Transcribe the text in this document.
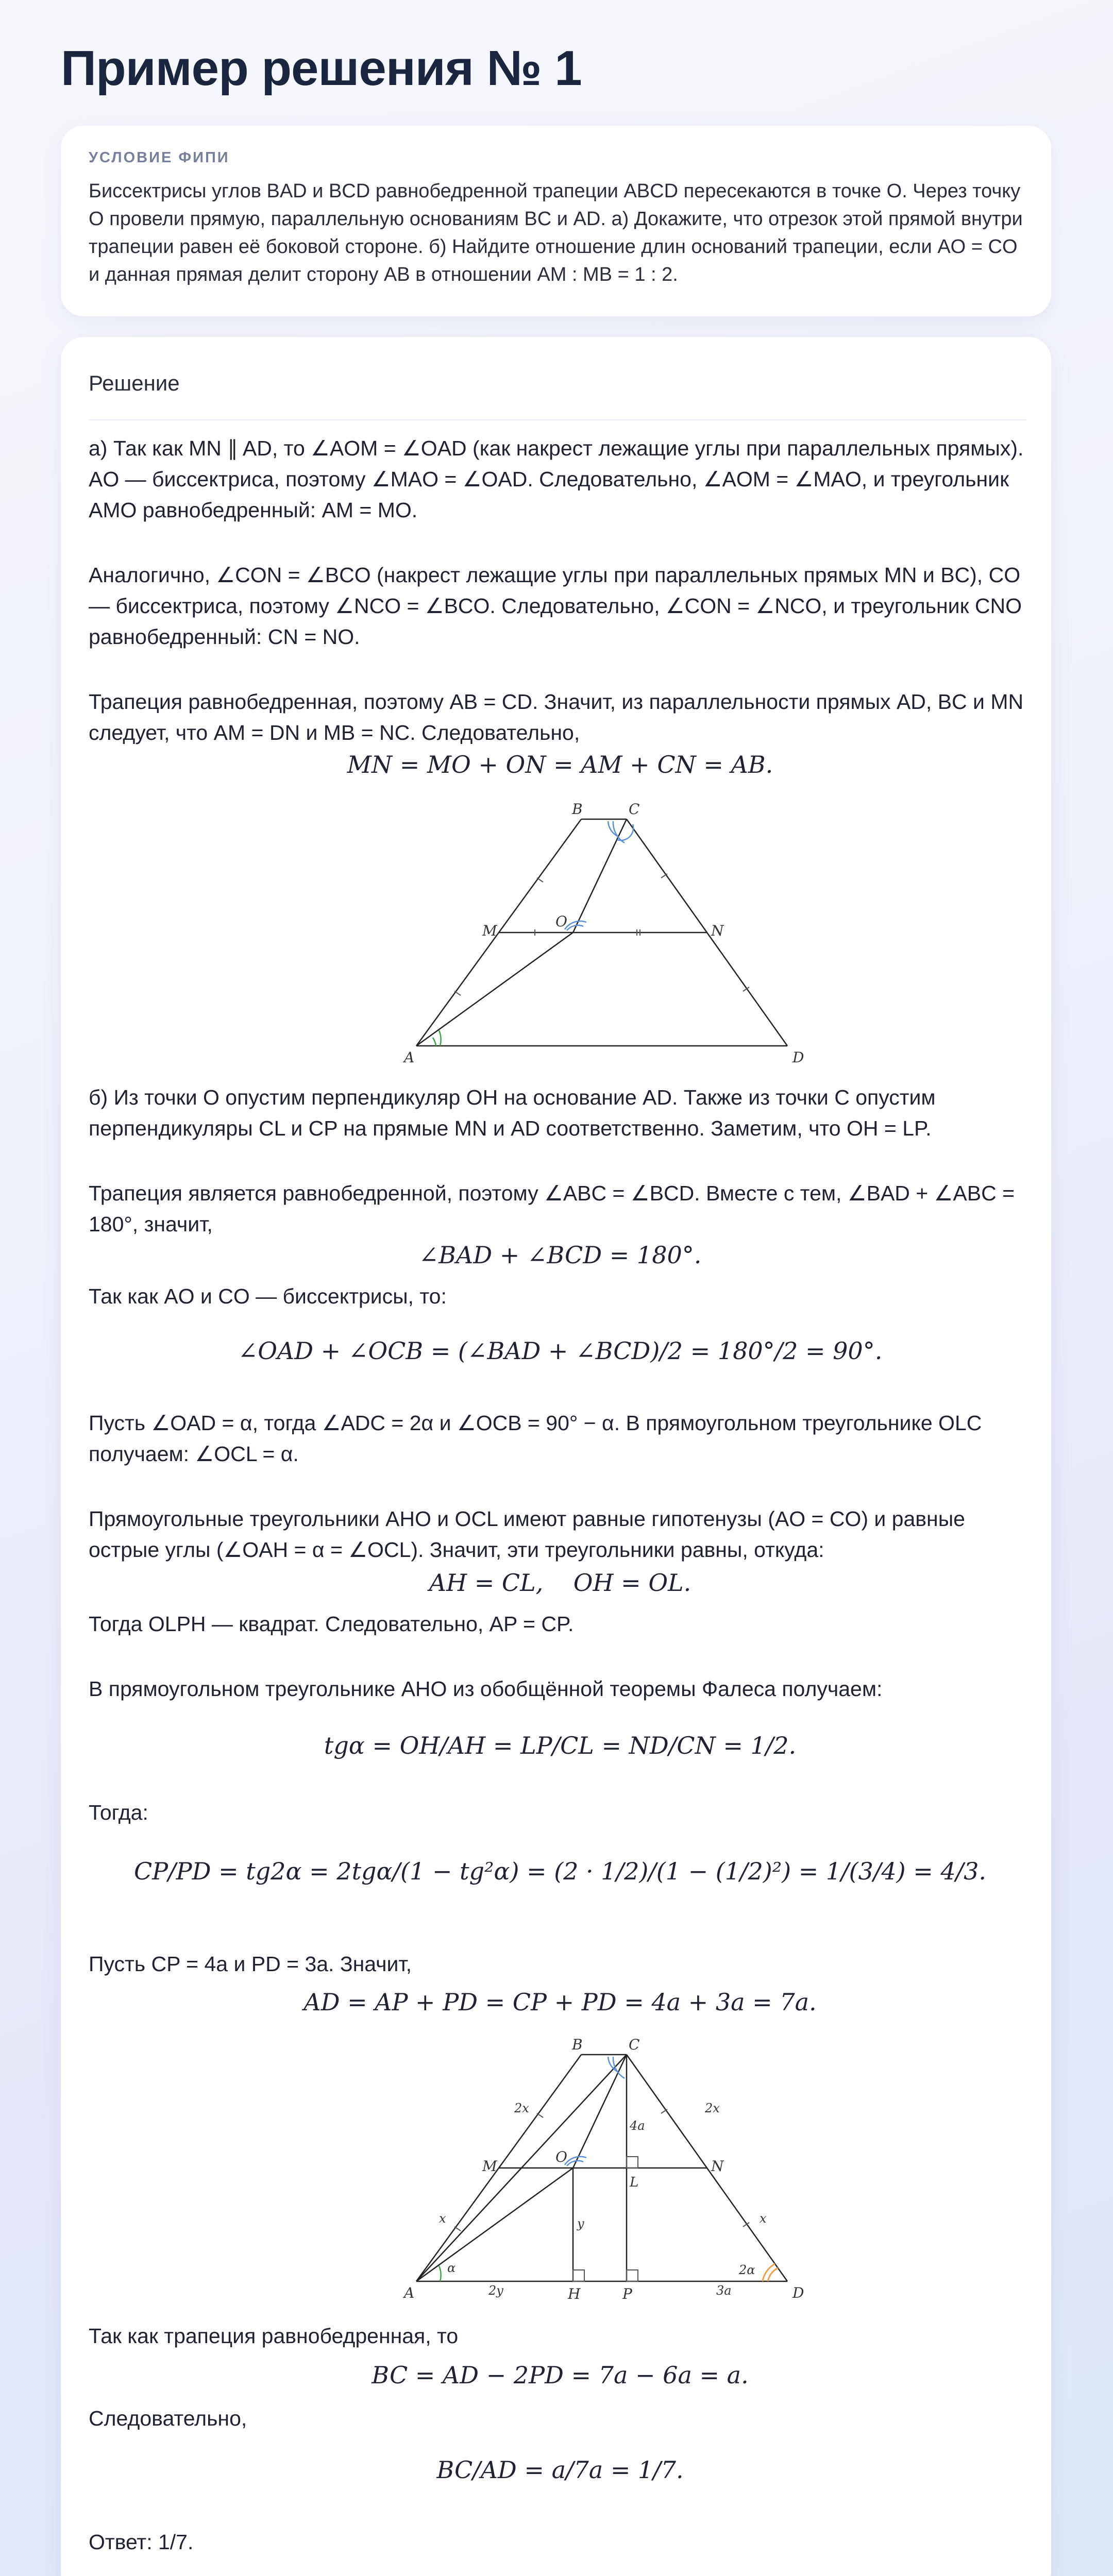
Пример решения № 1
УСЛОВИЕ ФИПИ

Биссектрисы углов BAD и BCD равнобедренной трапеции ABCD пересекаются в точке O. Через точку O провели прямую, параллельную основаниям BC и AD. а) Докажите, что отрезок этой прямой внутри трапеции равен её боковой стороне. б) Найдите отношение длин оснований трапеции, если AO = CO и данная прямая делит сторону AB в отношении AM : MB = 1 : 2.

Решение

а) Так как MN ∥ AD, то ∠AOM = ∠OAD (как накрест лежащие углы при параллельных прямых). AO — биссектриса, поэтому ∠MAO = ∠OAD. Следовательно, ∠AOM = ∠MAO, и треугольник AMO равнобедренный: AM = MO.

Аналогично, ∠CON = ∠BCO (накрест лежащие углы при параллельных прямых MN и BC), CO — биссектриса, поэтому ∠NCO = ∠BCO. Следовательно, ∠CON = ∠NCO, и треугольник CNO равнобедренный: CN = NO.

Трапеция равнобедренная, поэтому AB = CD. Значит, из параллельности прямых AD, BC и MN следует, что AM = DN и MB = NC. Следовательно,

MN = MO + ON = AM + CN = AB.

A
B	C
D
M	N
O

б) Из точки O опустим перпендикуляр OH на основание AD. Также из точки C опустим перпендикуляры CL и CP на прямые MN и AD соответственно. Заметим, что OH = LP.

Трапеция является равнобедренной, поэтому ∠ABC = ∠BCD. Вместе с тем, ∠BAD + ∠ABC = 180°, значит,

∠BAD + ∠BCD = 180°.

Так как AO и CO — биссектрисы, то:

∠OAD + ∠OCB = (∠BAD + ∠BCD)/2 = 180°/2 = 90°.

Пусть ∠OAD = α, тогда ∠ADC = 2α и ∠OCB = 90° − α. В прямоугольном треугольнике OLC получаем: ∠OCL = α.

Прямоугольные треугольники AHO и OCL имеют равные гипотенузы (AO = CO) и равные острые углы (∠OAH = α = ∠OCL). Значит, эти треугольники равны, откуда:

AH = CL,    OH = OL.

Тогда OLPH — квадрат. Следовательно, AP = CP.

В прямоугольном треугольнике AHO из обобщённой теоремы Фалеса получаем:

tgα = OH/AH = LP/CL = ND/CN = 1/2.

Тогда:

CP/PD = tg2α = 2tgα/(1 − tg²α) = (2 · 1/2)/(1 − (1/2)²) = 1/(3/4) = 4/3.

Пусть CP = 4a и PD = 3a. Значит,

AD = AP + PD = CP + PD = 4a + 3a = 7a.

A
B	C
D
M	N
O
L
H	P
2x	2x
x	x
α
2y
y
4a
3a
2α

Так как трапеция равнобедренная, то

BC = AD − 2PD = 7a − 6a = a.

Следовательно,

BC/AD = a/7a = 1/7.

Ответ: 1/7.
